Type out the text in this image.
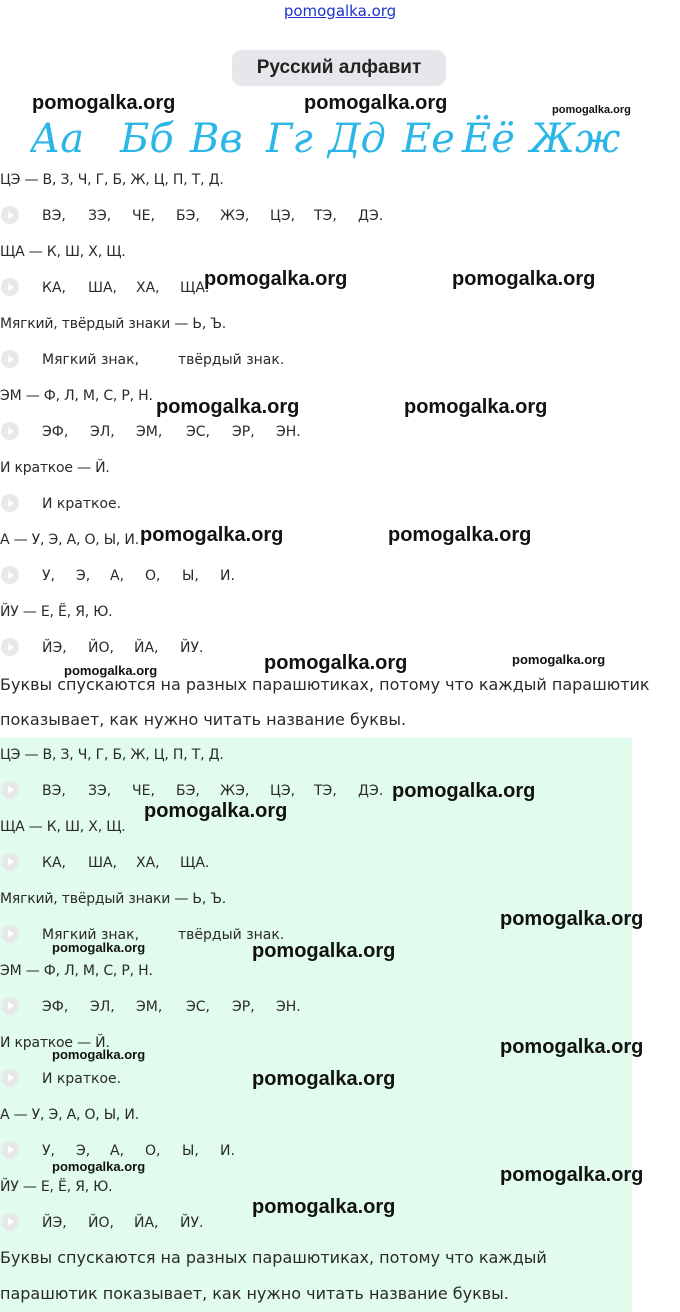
pomogalka.org
Русский алфавит
Аа Бб Вв Гг Дд Ее Ёё Жж
ЦЭ — В, З, Ч, Г, Б, Ж, Ц, П, Т, Д.
ВЭ, ЗЭ, ЧЕ, БЭ, ЖЭ, ЦЭ, ТЭ, ДЭ.
ЩА — К, Ш, Х, Щ.
КА, ША, ХА, ЩА.
Мягкий, твёрдый знаки — Ь, Ъ.
Мягкий знак,	твёрдый знак.
ЭМ — Ф, Л, М, С, Р, Н.
ЭФ, ЭЛ, ЭМ, ЭС, ЭР, ЭН.
И краткое — Й.
И краткое.
А — У, Э, А, О, Ы, И.
У, Э, А, О, Ы, И.
ЙУ — Е, Ё, Я, Ю.
ЙЭ, ЙО, ЙА, ЙУ.
Буквы спускаются на разных парашютиках, потому что каждый парашютик
показывает, как нужно читать название буквы.
ЦЭ — В, З, Ч, Г, Б, Ж, Ц, П, Т, Д.
ВЭ, ЗЭ, ЧЕ, БЭ, ЖЭ, ЦЭ, ТЭ, ДЭ.
ЩА — К, Ш, Х, Щ.
КА, ША, ХА, ЩА.
Мягкий, твёрдый знаки — Ь, Ъ.
Мягкий знак,	твёрдый знак.
ЭМ — Ф, Л, М, С, Р, Н.
ЭФ, ЭЛ, ЭМ, ЭС, ЭР, ЭН.
И краткое — Й.
И краткое.
А — У, Э, А, О, Ы, И.
У, Э, А, О, Ы, И.
ЙУ — Е, Ё, Я, Ю.
ЙЭ, ЙО, ЙА, ЙУ.
Буквы спускаются на разных парашютиках, потому что каждый
парашютик показывает, как нужно читать название буквы.
pomogalka.org	pomogalka.org	pomogalka.org
pomogalka.org	pomogalka.org
pomogalka.org	pomogalka.org
pomogalka.org	pomogalka.org
pomogalka.org	pomogalka.org	pomogalka.org
pomogalka.org
pomogalka.org
pomogalka.org
pomogalka.org	pomogalka.org
pomogalka.org
pomogalka.org
pomogalka.org
pomogalka.org
pomogalka.org
pomogalka.org
